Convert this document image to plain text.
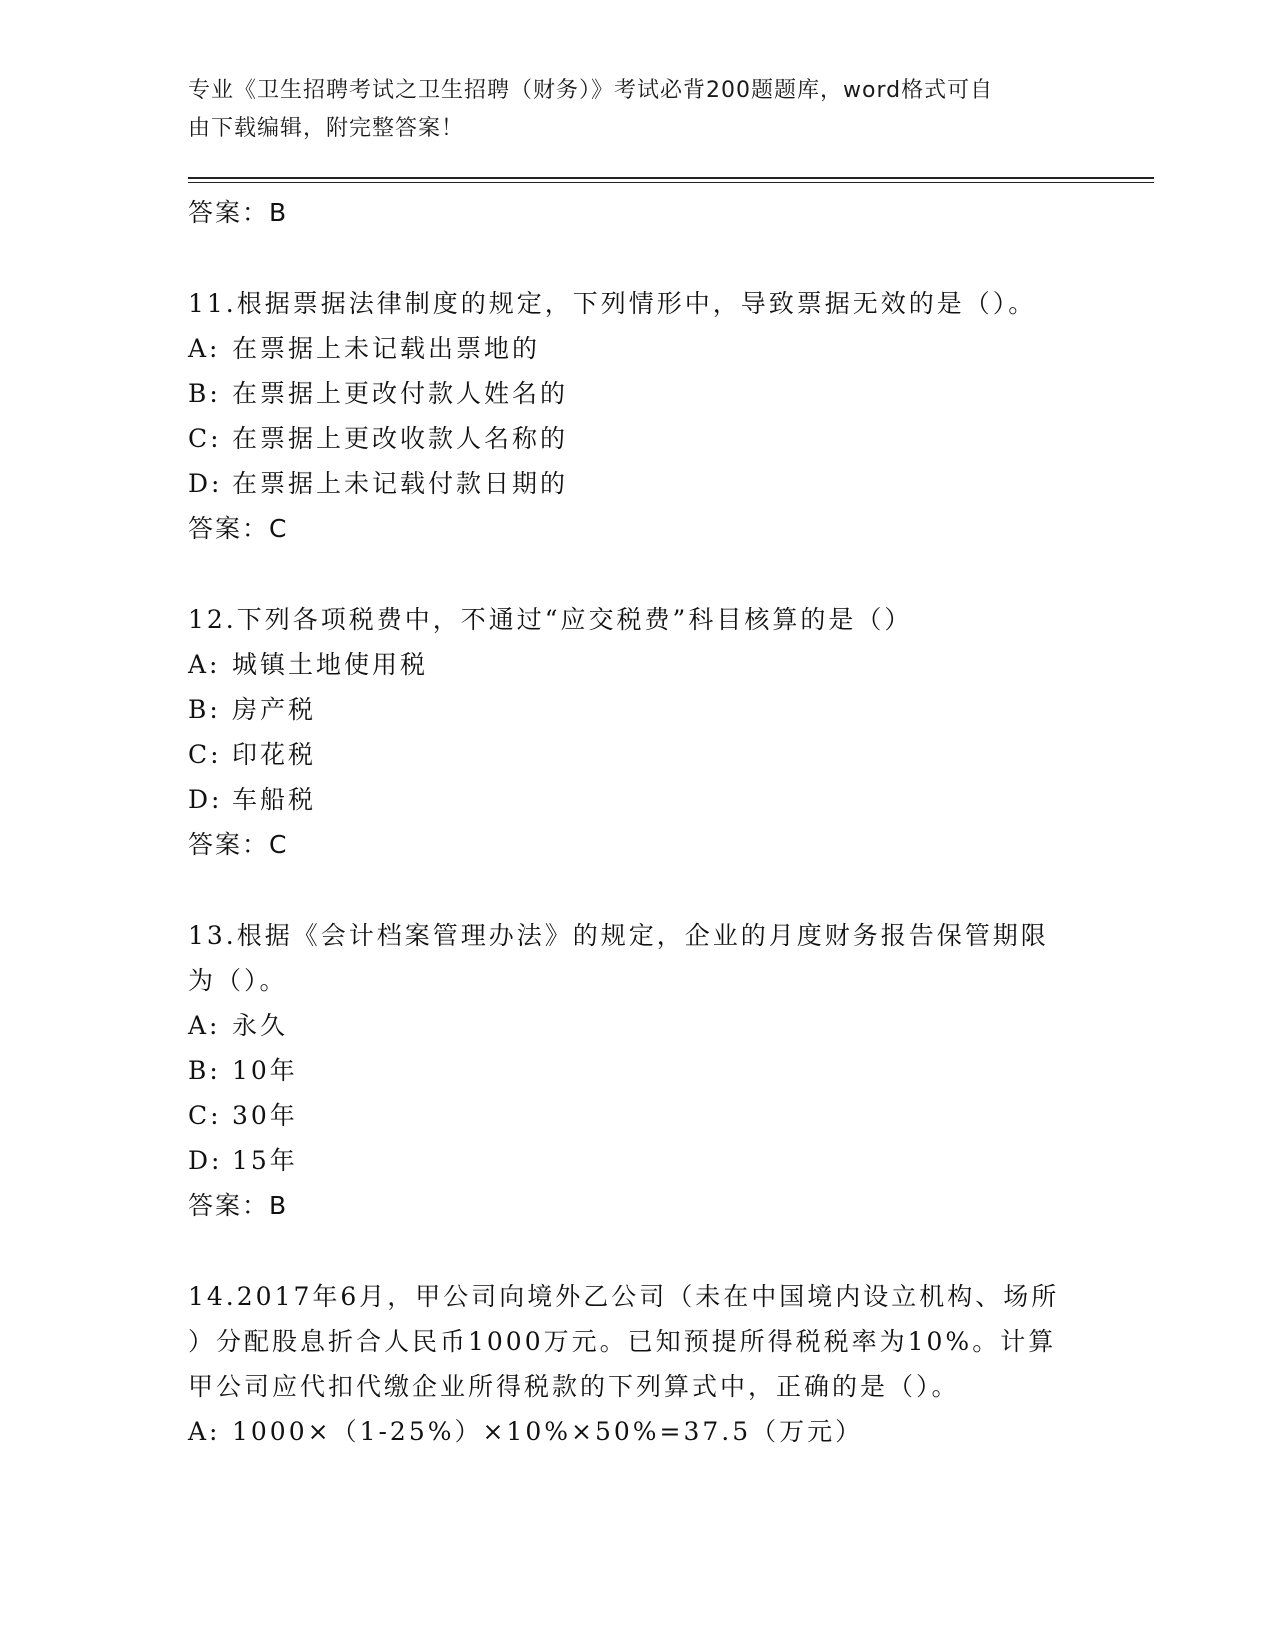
专业《卫生招聘考试之卫生招聘（财务）》考试必背200题题库，word格式可自
由下载编辑，附完整答案！
答案：B
11.根据票据法律制度的规定，下列情形中，导致票据无效的是（）。
A: 在票据上未记载出票地的
B: 在票据上更改付款人姓名的
C: 在票据上更改收款人名称的
D: 在票据上未记载付款日期的
答案：C
12.下列各项税费中，不通过“应交税费”科目核算的是（）
A: 城镇土地使用税
B: 房产税
C: 印花税
D: 车船税
答案：C
13.根据《会计档案管理办法》的规定，企业的月度财务报告保管期限
为（）。
A: 永久
B: 10年
C: 30年
D: 15年
答案：B
14.2017年6月，甲公司向境外乙公司（未在中国境内设立机构、场所
）分配股息折合人民币1000万元。已知预提所得税税率为10%。计算
甲公司应代扣代缴企业所得税款的下列算式中，正确的是（）。
A: 1000×（1-25%）×10%×50%=37.5（万元）
